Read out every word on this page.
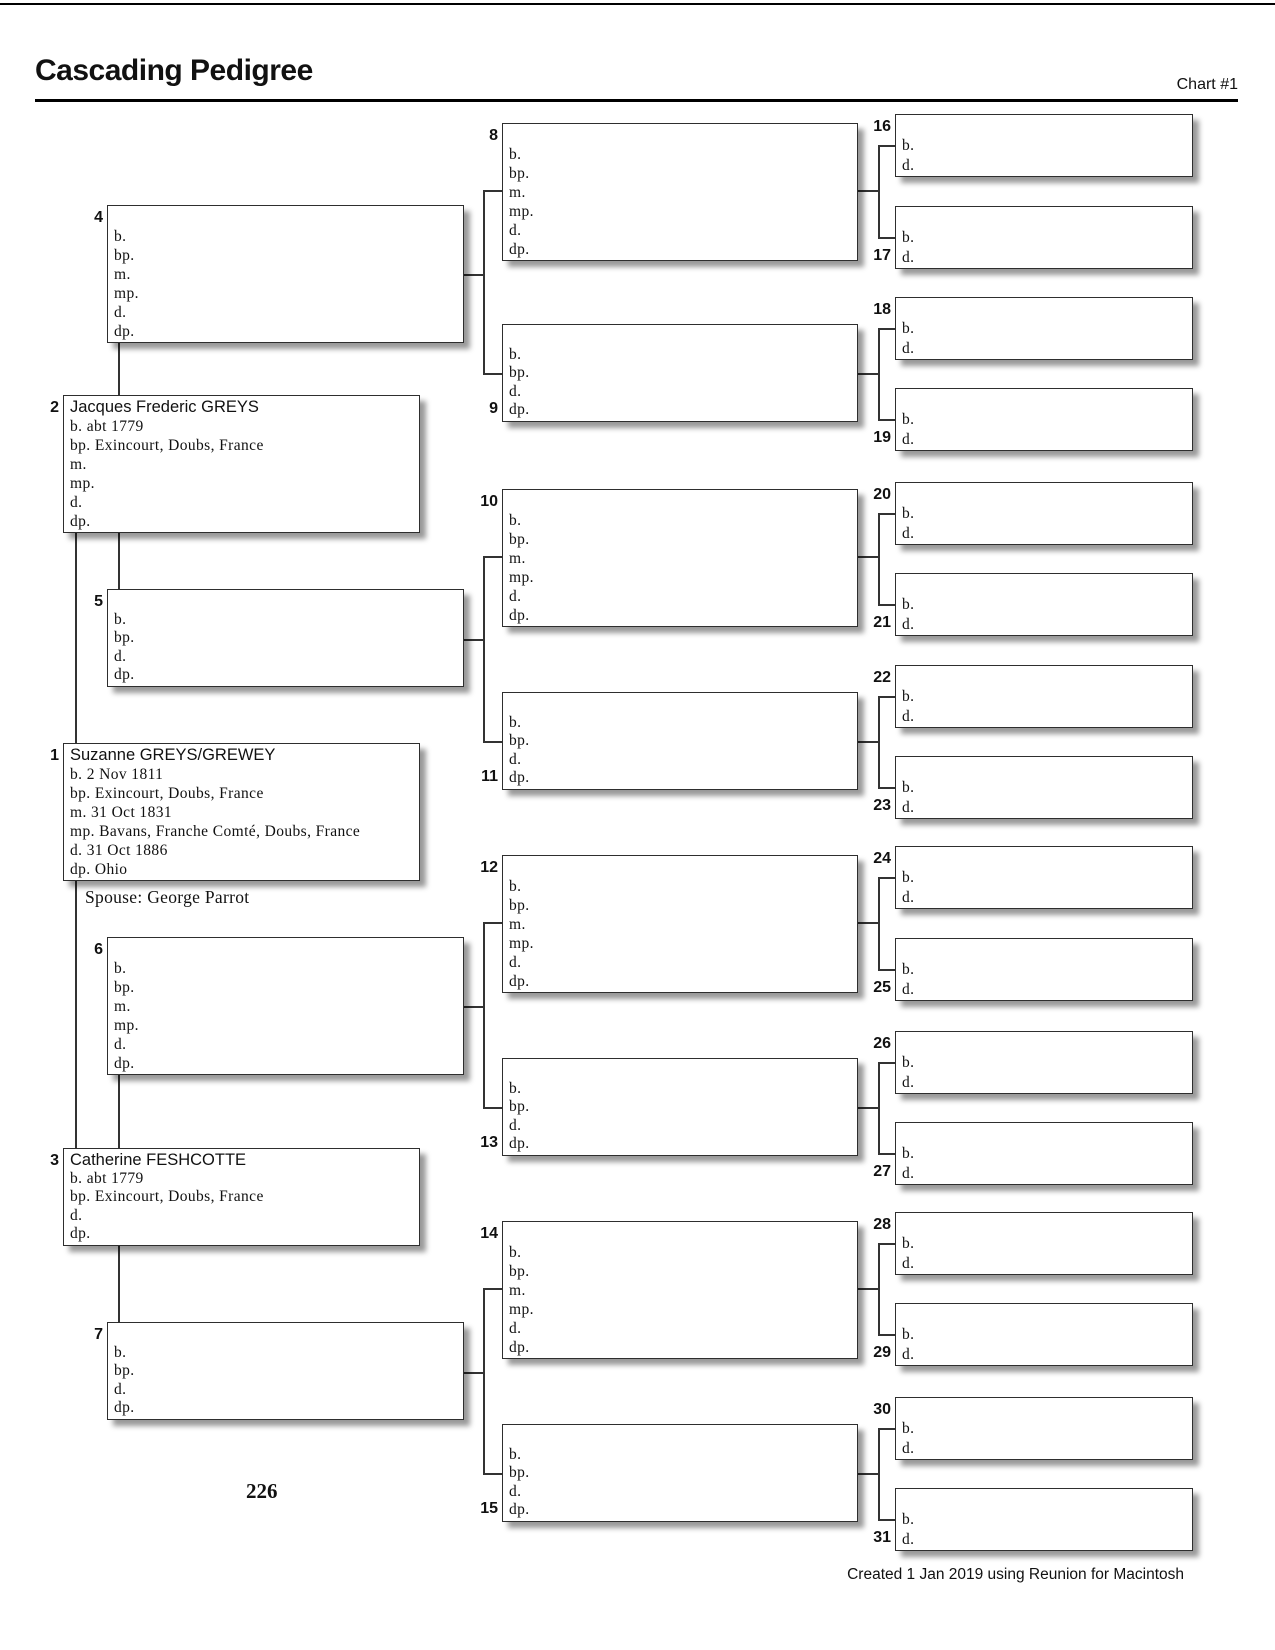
Cascading Pedigree	Chart #1
Suzanne GREYS/GREWEY
b. 2 Nov 1811
bp. Exincourt, Doubs, France
m. 31 Oct 1831
mp. Bavans, Franche Comté, Doubs, France
d. 31 Oct 1886
dp. Ohio
1
Jacques Frederic GREYS
b. abt 1779
bp. Exincourt, Doubs, France
m.
mp.
d.
dp.
2
Catherine FESHCOTTE
b. abt 1779
bp. Exincourt, Doubs, France
d.
dp.
3
b.
bp.
m.
mp.
d.
dp.
4
b.
bp.
d.
dp.
5
b.
bp.
m.
mp.
d.
dp.
6
b.
bp.
d.
dp.
7
b.
bp.
m.
mp.
d.
dp.
8
b.
bp.
d.
dp.
9
b.
bp.
m.
mp.
d.
dp.
10
b.
bp.
d.
dp.
11
b.
bp.
m.
mp.
d.
dp.
12
b.
bp.
d.
dp.
13
b.
bp.
m.
mp.
d.
dp.
14
b.
bp.
d.
dp.
15
b.
d.
16
b.
d.
17
b.
d.
18
b.
d.
19
b.
d.
20
b.
d.
21
b.
d.
22
b.
d.
23
b.
d.
24
b.
d.
25
b.
d.
26
b.
d.
27
b.
d.
28
b.
d.
29
b.
d.
30
b.
d.
31
Spouse: George Parrot
226
Created 1 Jan 2019 using Reunion for Macintosh
